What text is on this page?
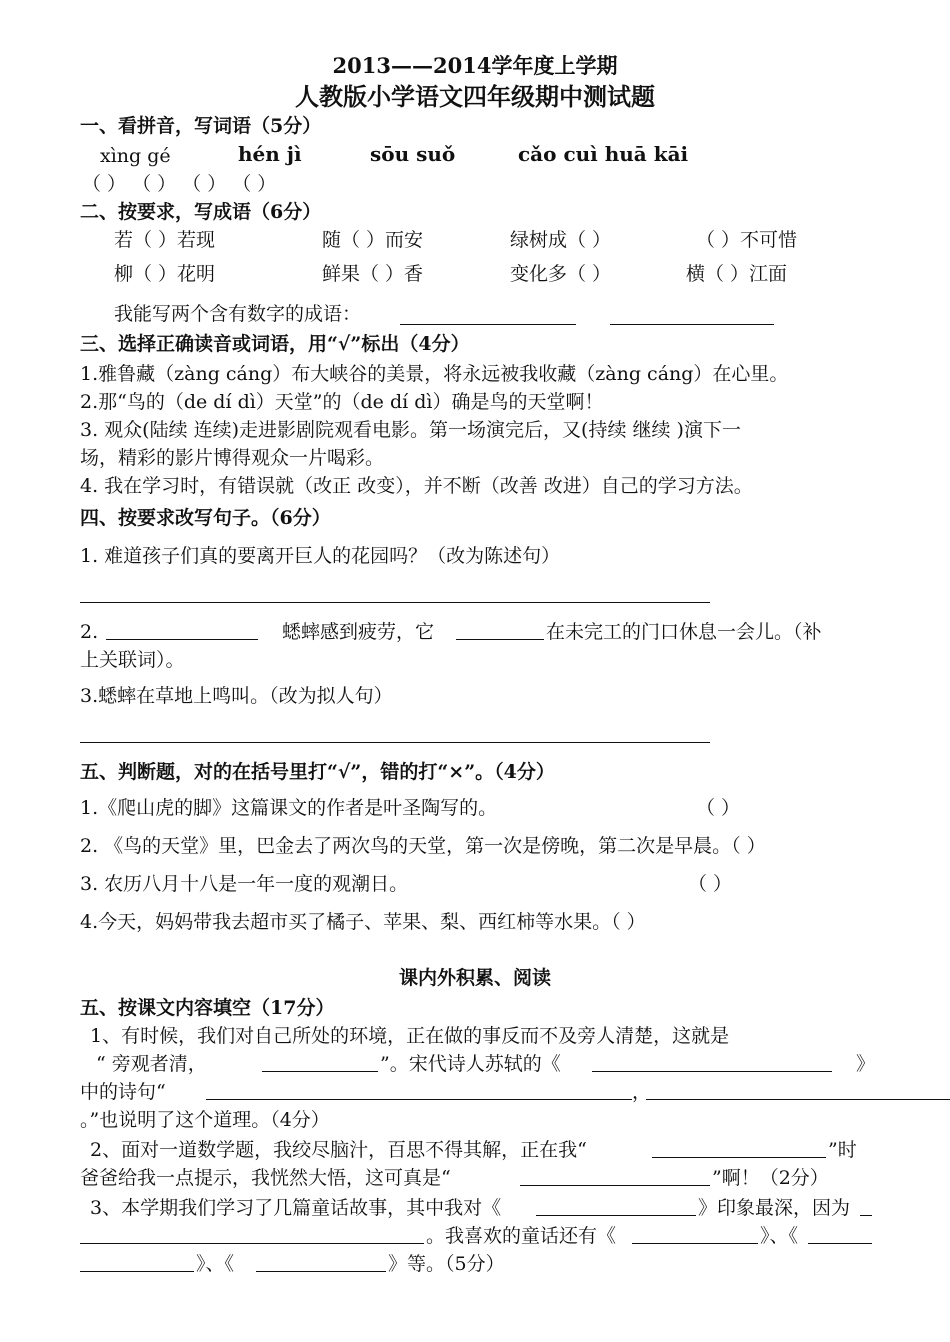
2013——2014学年度上学期
人教版小学语文四年级期中测试题
一、看拼音，写词语（5分）
xìng gé	hén jì	sōu suǒ	cǎo cuì huā kāi
（ ） （ ） （ ） （ ）
二、按要求，写成语（6分）
若（ ）若现	随（ ）而安	绿树成（ ）	（ ）不可惜
柳（ ）花明	鲜果（ ）香	变化多（ ）	横（ ）江面
我能写两个含有数字的成语：
三、选择正确读音或词语，用“√”标出（4分）
1.雅鲁藏（zàng cáng）布大峡谷的美景，将永远被我收藏（zàng cáng）在心里。
2.那“鸟的（de dí dì）天堂”的（de dí dì）确是鸟的天堂啊！
3. 观众(陆续 连续)走进影剧院观看电影。第一场演完后，又(持续 继续 )演下一
场，精彩的影片博得观众一片喝彩。
4. 我在学习时，有错误就（改正 改变），并不断（改善 改进）自己的学习方法。
四、按要求改写句子。（6分）
1. 难道孩子们真的要离开巨人的花园吗？（改为陈述句）
2.	蟋蟀感到疲劳，它	在未完工的门口休息一会儿。（补
上关联词）。
3.蟋蟀在草地上鸣叫。（改为拟人句）
五、判断题，对的在括号里打“√”，错的打“×”。（4分）
1.《爬山虎的脚》这篇课文的作者是叶圣陶写的。	（ ）
2. 《鸟的天堂》里，巴金去了两次鸟的天堂，第一次是傍晚，第二次是早晨。（ ）
3. 农历八月十八是一年一度的观潮日。	（ ）
4.今天，妈妈带我去超市买了橘子、苹果、梨、西红柿等水果。（ ）
课内外积累、阅读
五、按课文内容填空（17分）
1、有时候，我们对自己所处的环境，正在做的事反而不及旁人清楚，这就是
“ 旁观者清，	”。宋代诗人苏轼的《	》
中的诗句“	，
。”也说明了这个道理。（4分）
2、面对一道数学题，我绞尽脑汁，百思不得其解，正在我“	”时
爸爸给我一点提示，我恍然大悟，这可真是“	”啊！（2分）
3、本学期我们学习了几篇童话故事，其中我对《	》印象最深，因为
。我喜欢的童话还有《	》、《
》、《	》等。（5分）
